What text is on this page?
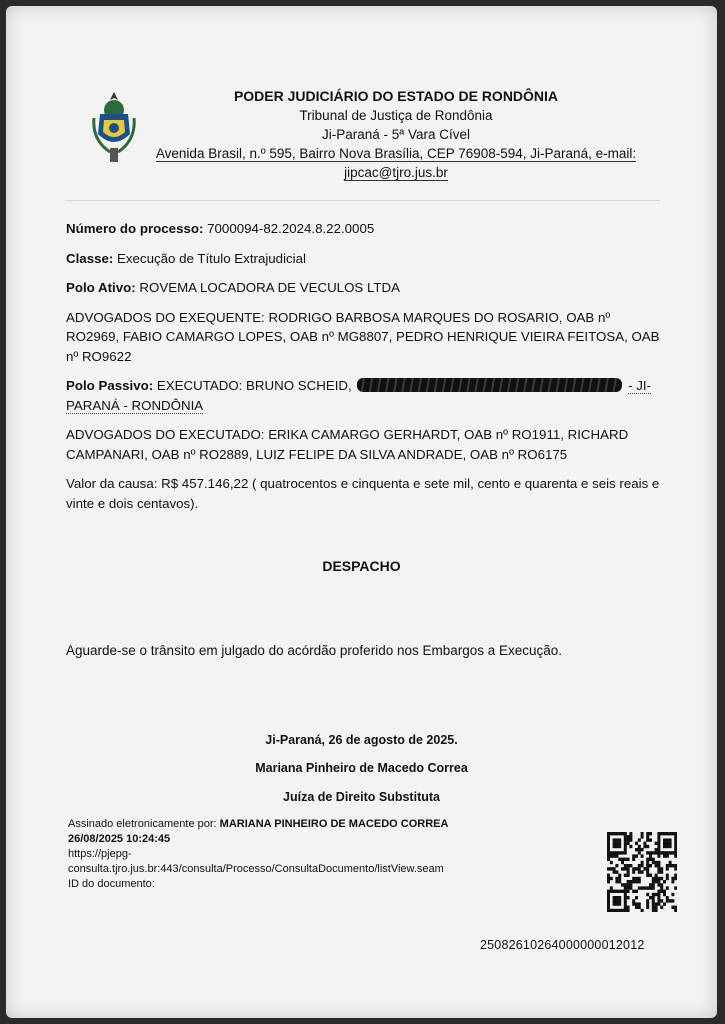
PODER JUDICIÁRIO DO ESTADO DE RONDÔNIA
Tribunal de Justiça de Rondônia
Ji-Paraná - 5ª Vara Cível
Avenida Brasil, n.º 595, Bairro Nova Brasília, CEP 76908-594, Ji-Paraná, e-mail:
jipcac@tjro.jus.br

Número do processo: 7000094-82.2024.8.22.0005

Classe: Execução de Título Extrajudicial

Polo Ativo: ROVEMA LOCADORA DE VECULOS LTDA

ADVOGADOS DO EXEQUENTE: RODRIGO BARBOSA MARQUES DO ROSARIO, OAB nº RO2969, FABIO CAMARGO LOPES, OAB nº MG8807, PEDRO HENRIQUE VIEIRA FEITOSA, OAB nº RO9622

Polo Passivo: EXECUTADO: BRUNO SCHEID,	- JI-
PARANÁ - RONDÔNIA

ADVOGADOS DO EXECUTADO: ERIKA CAMARGO GERHARDT, OAB nº RO1911, RICHARD CAMPANARI, OAB nº RO2889, LUIZ FELIPE DA SILVA ANDRADE, OAB nº RO6175

Valor da causa: R$ 457.146,22 ( quatrocentos e cinquenta e sete mil, cento e quarenta e seis reais e vinte e dois centavos).

DESPACHO
Aguarde-se o trânsito em julgado do acórdão proferido nos Embargos a Execução.
Ji-Paraná, 26 de agosto de 2025.
Mariana Pinheiro de Macedo Correa
Juíza de Direito Substituta
Assinado eletronicamente por: MARIANA PINHEIRO DE MACEDO CORREA
26/08/2025 10:24:45
https://pjepg-
consulta.tjro.jus.br:443/consulta/Processo/ConsultaDocumento/listView.seam
ID do documento:
25082610264000000012012
